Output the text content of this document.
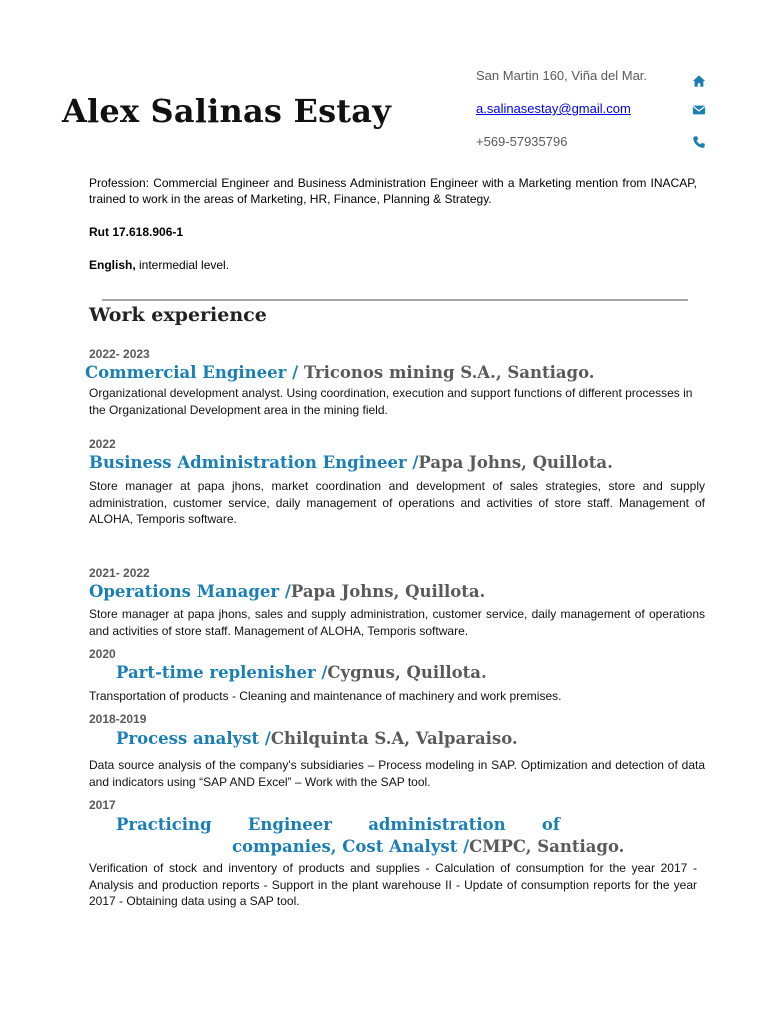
Alex Salinas Estay
San Martin 160, Viña del Mar.
a.salinasestay@gmail.com
+569-57935796

Profession: Commercial Engineer and Business Administration Engineer with a Marketing mention from INACAP, trained to work in the areas of Marketing, HR, Finance, Planning & Strategy.

Rut 17.618.906-1

English, intermedial level.

Work experience
2022- 2023

Commercial Engineer / Triconos mining S.A., Santiago.

Organizational development analyst. Using coordination, execution and support functions of different processes in the Organizational Development area in the mining field.

2022

Business Administration Engineer /Papa Johns, Quillota.

Store manager at papa jhons, market coordination and development of sales strategies, store and supply administration, customer service, daily management of operations and activities of store staff. Management of ALOHA, Temporis software.

2021- 2022

Operations Manager /Papa Johns, Quillota.

Store manager at papa jhons, sales and supply administration, customer service, daily management of operations and activities of store staff. Management of ALOHA, Temporis software.

2020

Part-time replenisher /Cygnus, Quillota.

Transportation of products - Cleaning and maintenance of machinery and work premises.

2018-2019

Process analyst /Chilquinta S.A, Valparaiso.

Data source analysis of the company's subsidiaries – Process modeling in SAP. Optimization and detection of data and indicators using “SAP AND Excel” – Work with the SAP tool.

2017
Practicing Engineer administration of
companies, Cost Analyst /CMPC, Santiago.

Verification of stock and inventory of products and supplies - Calculation of consumption for the year 2017 - Analysis and production reports - Support in the plant warehouse II - Update of consumption reports for the year 2017 - Obtaining data using a SAP tool.
